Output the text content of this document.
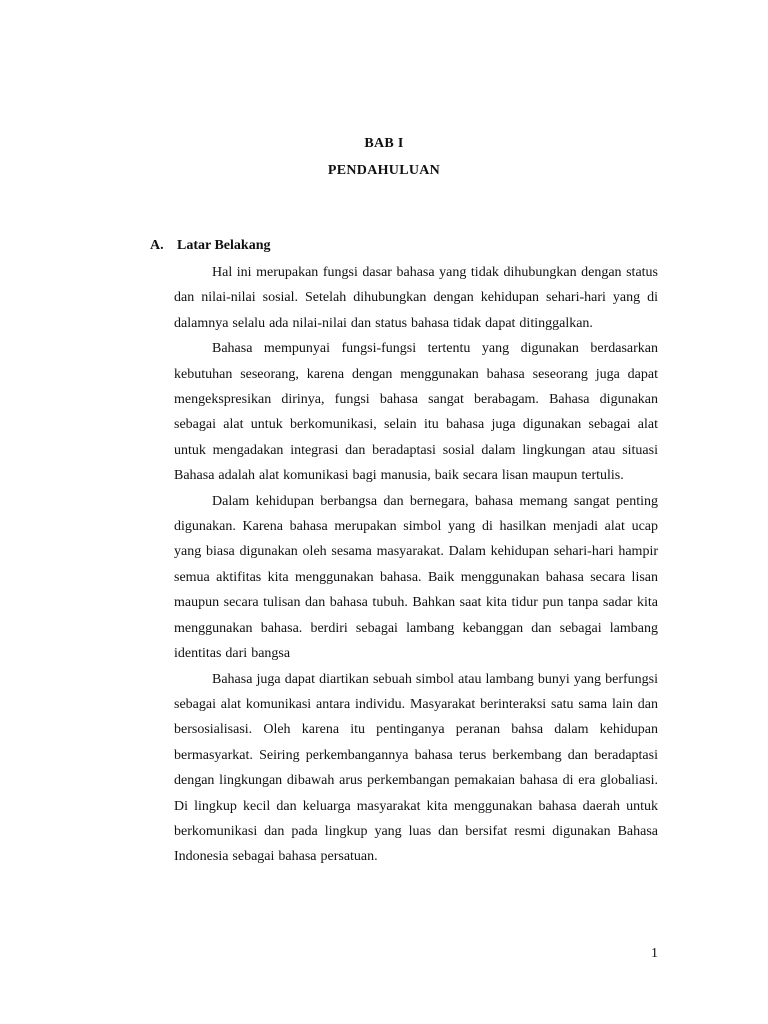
BAB I
PENDAHULUAN
A. Latar Belakang

Hal ini merupakan fungsi dasar bahasa yang tidak dihubungkan dengan status dan nilai-nilai sosial. Setelah dihubungkan dengan kehidupan sehari-hari yang di dalamnya selalu ada nilai-nilai dan status bahasa tidak dapat ditinggalkan.

Bahasa mempunyai fungsi-fungsi tertentu yang digunakan berdasarkan kebutuhan seseorang, karena dengan menggunakan bahasa seseorang juga dapat mengekspresikan dirinya, fungsi bahasa sangat berabagam. Bahasa digunakan sebagai alat untuk berkomunikasi, selain itu bahasa juga digunakan sebagai alat untuk mengadakan integrasi dan beradaptasi sosial dalam lingkungan atau situasi Bahasa adalah alat komunikasi bagi manusia, baik secara lisan maupun tertulis.

Dalam kehidupan berbangsa dan bernegara, bahasa memang sangat penting digunakan. Karena bahasa merupakan simbol yang di hasilkan menjadi alat ucap yang biasa digunakan oleh sesama masyarakat. Dalam kehidupan sehari-hari hampir semua aktifitas kita menggunakan bahasa. Baik menggunakan bahasa secara lisan maupun secara tulisan dan bahasa tubuh. Bahkan saat kita tidur pun tanpa sadar kita menggunakan bahasa. berdiri sebagai lambang kebanggan dan sebagai lambang identitas dari bangsa

Bahasa juga dapat diartikan sebuah simbol atau lambang bunyi yang berfungsi sebagai alat komunikasi antara individu. Masyarakat berinteraksi satu sama lain dan bersosialisasi. Oleh karena itu pentinganya peranan bahsa dalam kehidupan bermasyarkat. Seiring perkembangannya bahasa terus berkembang dan beradaptasi dengan lingkungan dibawah arus perkembangan pemakaian bahasa di era globaliasi. Di lingkup kecil dan keluarga masyarakat kita menggunakan bahasa daerah untuk berkomunikasi dan pada lingkup yang luas dan bersifat resmi digunakan Bahasa Indonesia sebagai bahasa persatuan.

1
